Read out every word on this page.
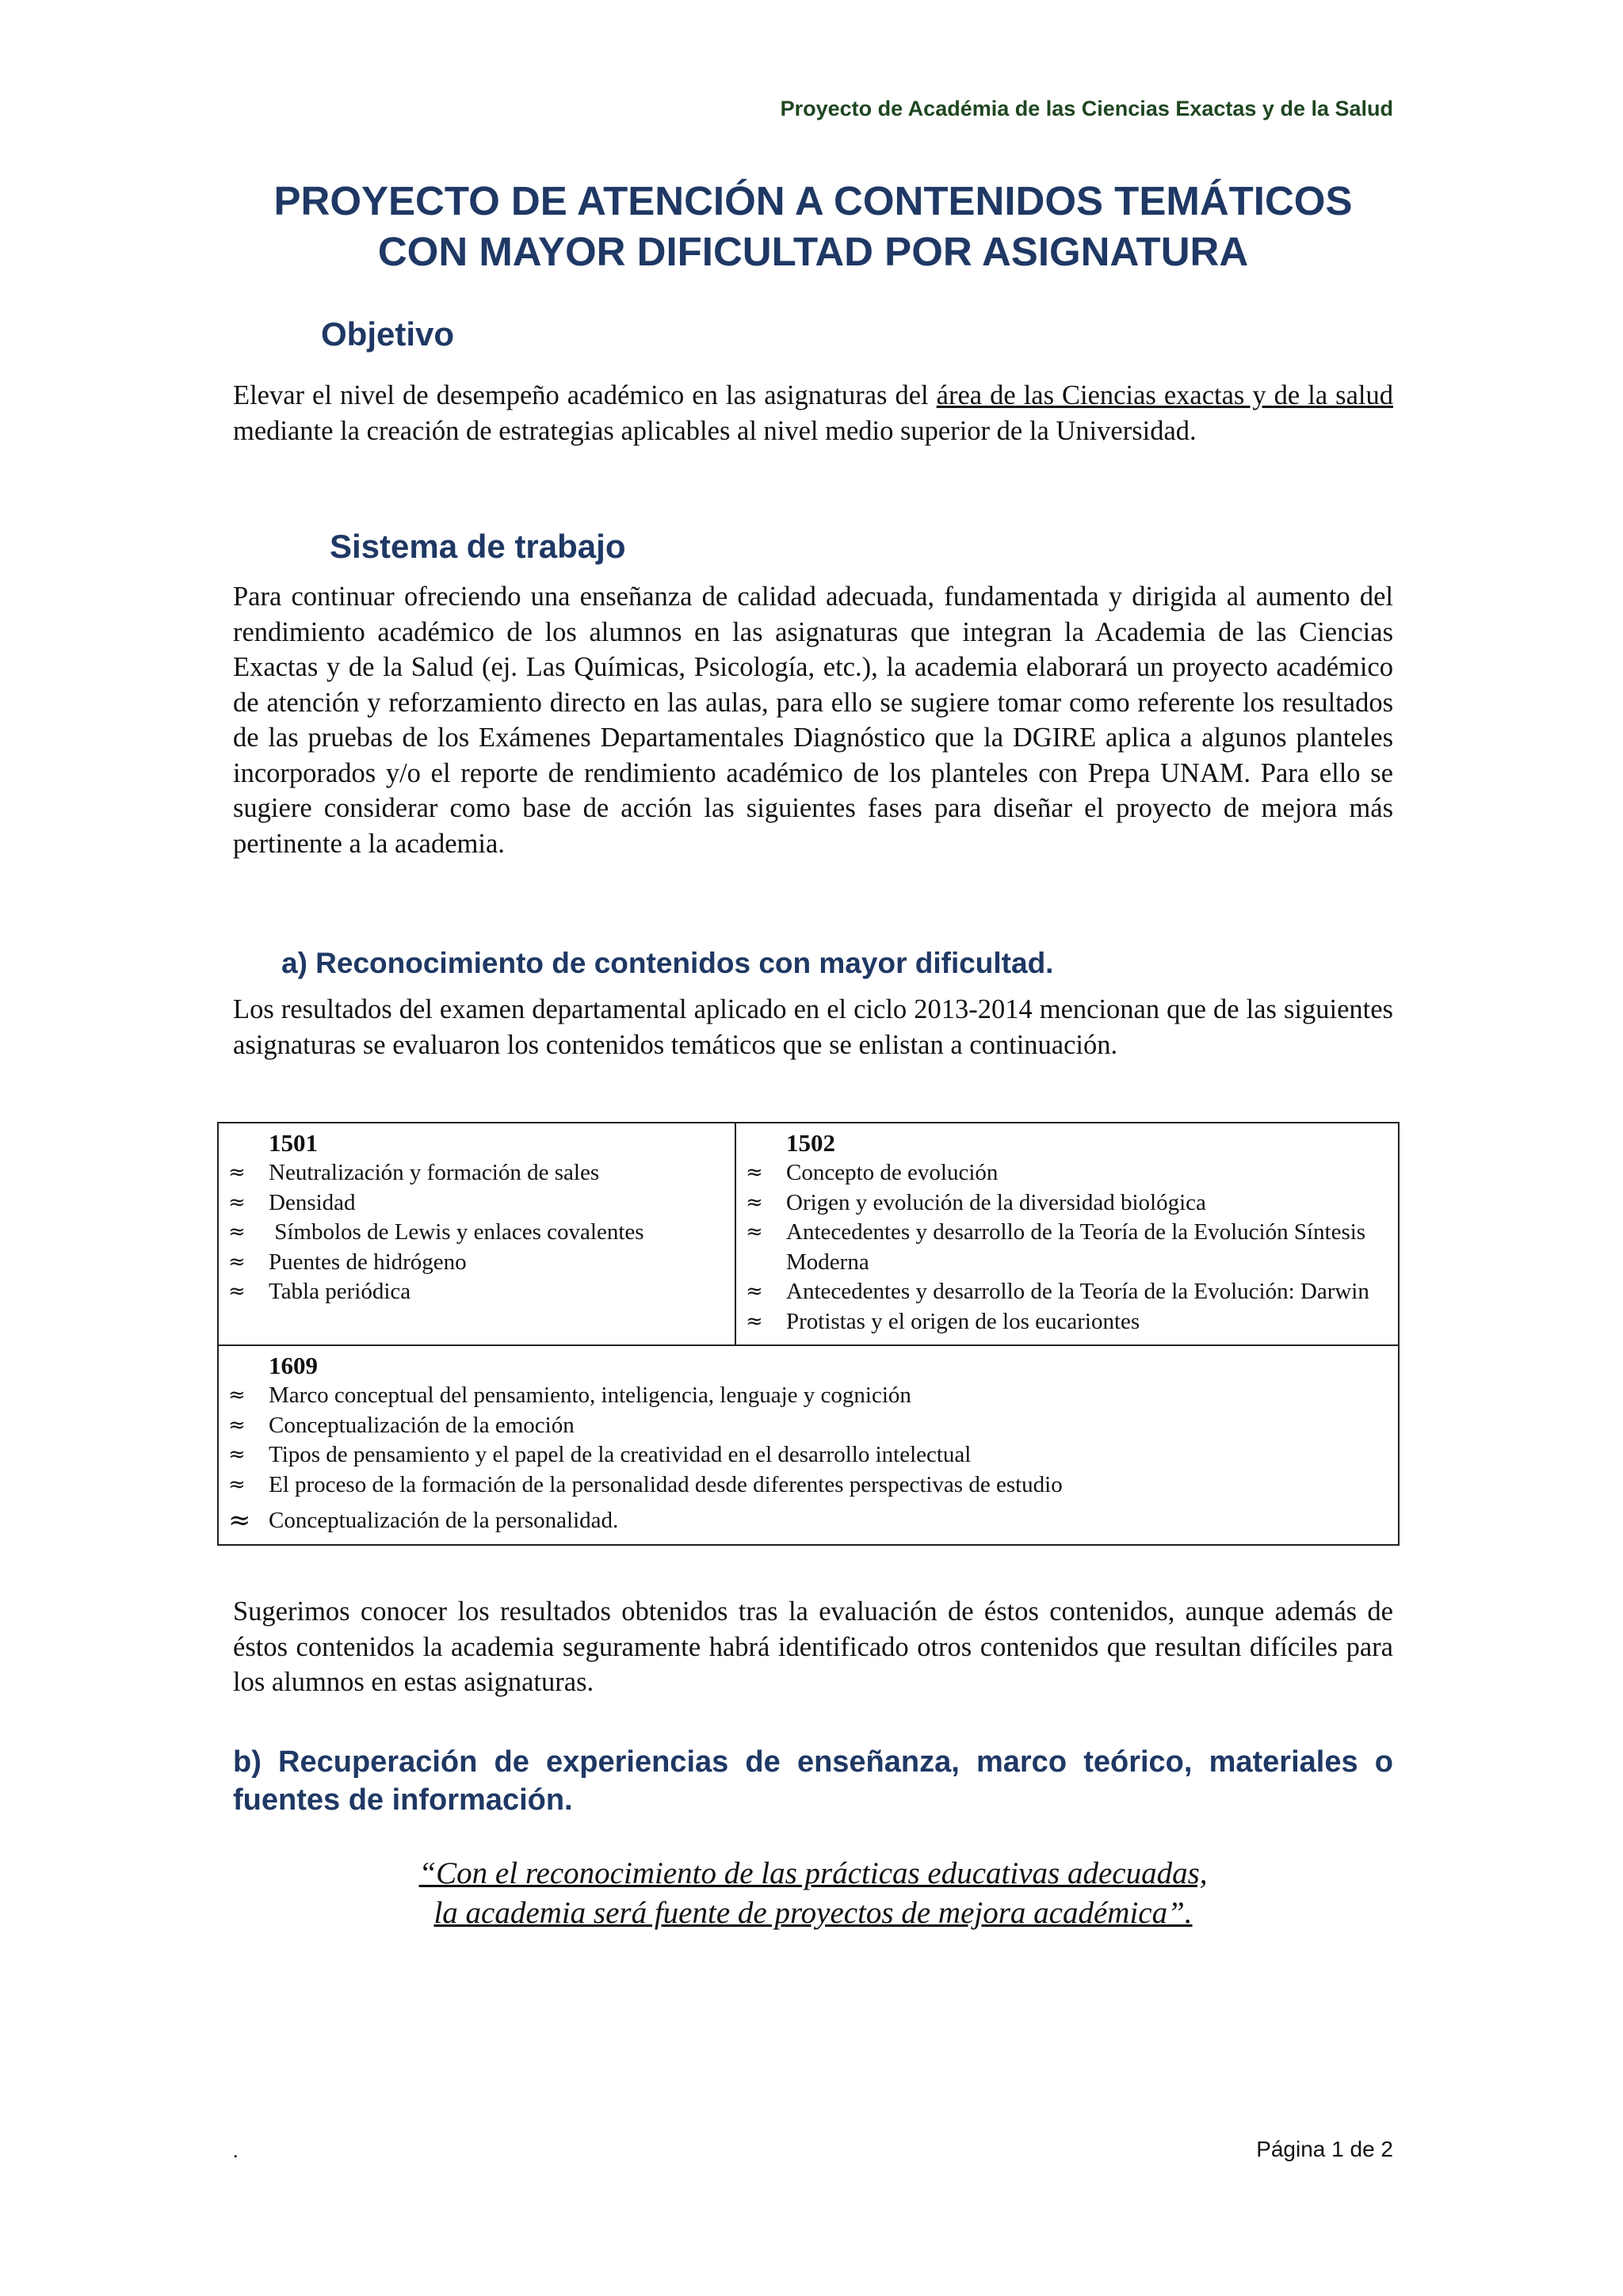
Proyecto de Académia de las Ciencias Exactas y de la Salud
PROYECTO DE ATENCIÓN A CONTENIDOS TEMÁTICOS
CON MAYOR DIFICULTAD POR ASIGNATURA
Objetivo
Elevar el nivel de desempeño académico en las asignaturas del área de las Ciencias exactas y de la salud mediante la creación de estrategias aplicables al nivel medio superior de la Universidad.
Sistema de trabajo
Para continuar ofreciendo una enseñanza de calidad adecuada, fundamentada y dirigida al aumento del rendimiento académico de los alumnos en las asignaturas que integran la Academia de las Ciencias Exactas y de la Salud (ej. Las Químicas, Psicología, etc.), la academia elaborará un proyecto académico de atención y reforzamiento directo en las aulas, para ello se sugiere tomar como referente los resultados de las pruebas de los Exámenes Departamentales Diagnóstico que la DGIRE aplica a algunos planteles incorporados y/o el reporte de rendimiento académico de los planteles con Prepa UNAM. Para ello se sugiere considerar como base de acción las siguientes fases para diseñar el proyecto de mejora más pertinente a la academia.
a) Reconocimiento de contenidos con mayor dificultad.
Los resultados del examen departamental aplicado en el ciclo 2013-2014 mencionan que de las siguientes asignaturas se evaluaron los contenidos temáticos que se enlistan a continuación.
1501
≈	Neutralización y formación de sales
≈	Densidad
≈	Símbolos de Lewis y enlaces covalentes
≈	Puentes de hidrógeno
≈	Tabla periódica

1502
≈	Concepto de evolución
≈	Origen y evolución de la diversidad biológica
≈	Antecedentes y desarrollo de la Teoría de la Evolución Síntesis Moderna
≈	Antecedentes y desarrollo de la Teoría de la Evolución: Darwin
≈	Protistas y el origen de los eucariontes

1609
≈	Marco conceptual del pensamiento, inteligencia, lenguaje y cognición
≈	Conceptualización de la emoción
≈	Tipos de pensamiento y el papel de la creatividad en el desarrollo intelectual
≈	El proceso de la formación de la personalidad desde diferentes perspectivas de estudio
≈ Conceptualización de la personalidad.
Sugerimos conocer los resultados obtenidos tras la evaluación de éstos contenidos, aunque además de éstos contenidos la academia seguramente habrá identificado otros contenidos que resultan difíciles para los alumnos en estas asignaturas.
b) Recuperación de experiencias de enseñanza, marco teórico, materiales o fuentes de información.
“Con el reconocimiento de las prácticas educativas adecuadas,
la academia será fuente de proyectos de mejora académica”.
.	Página 1 de 2
